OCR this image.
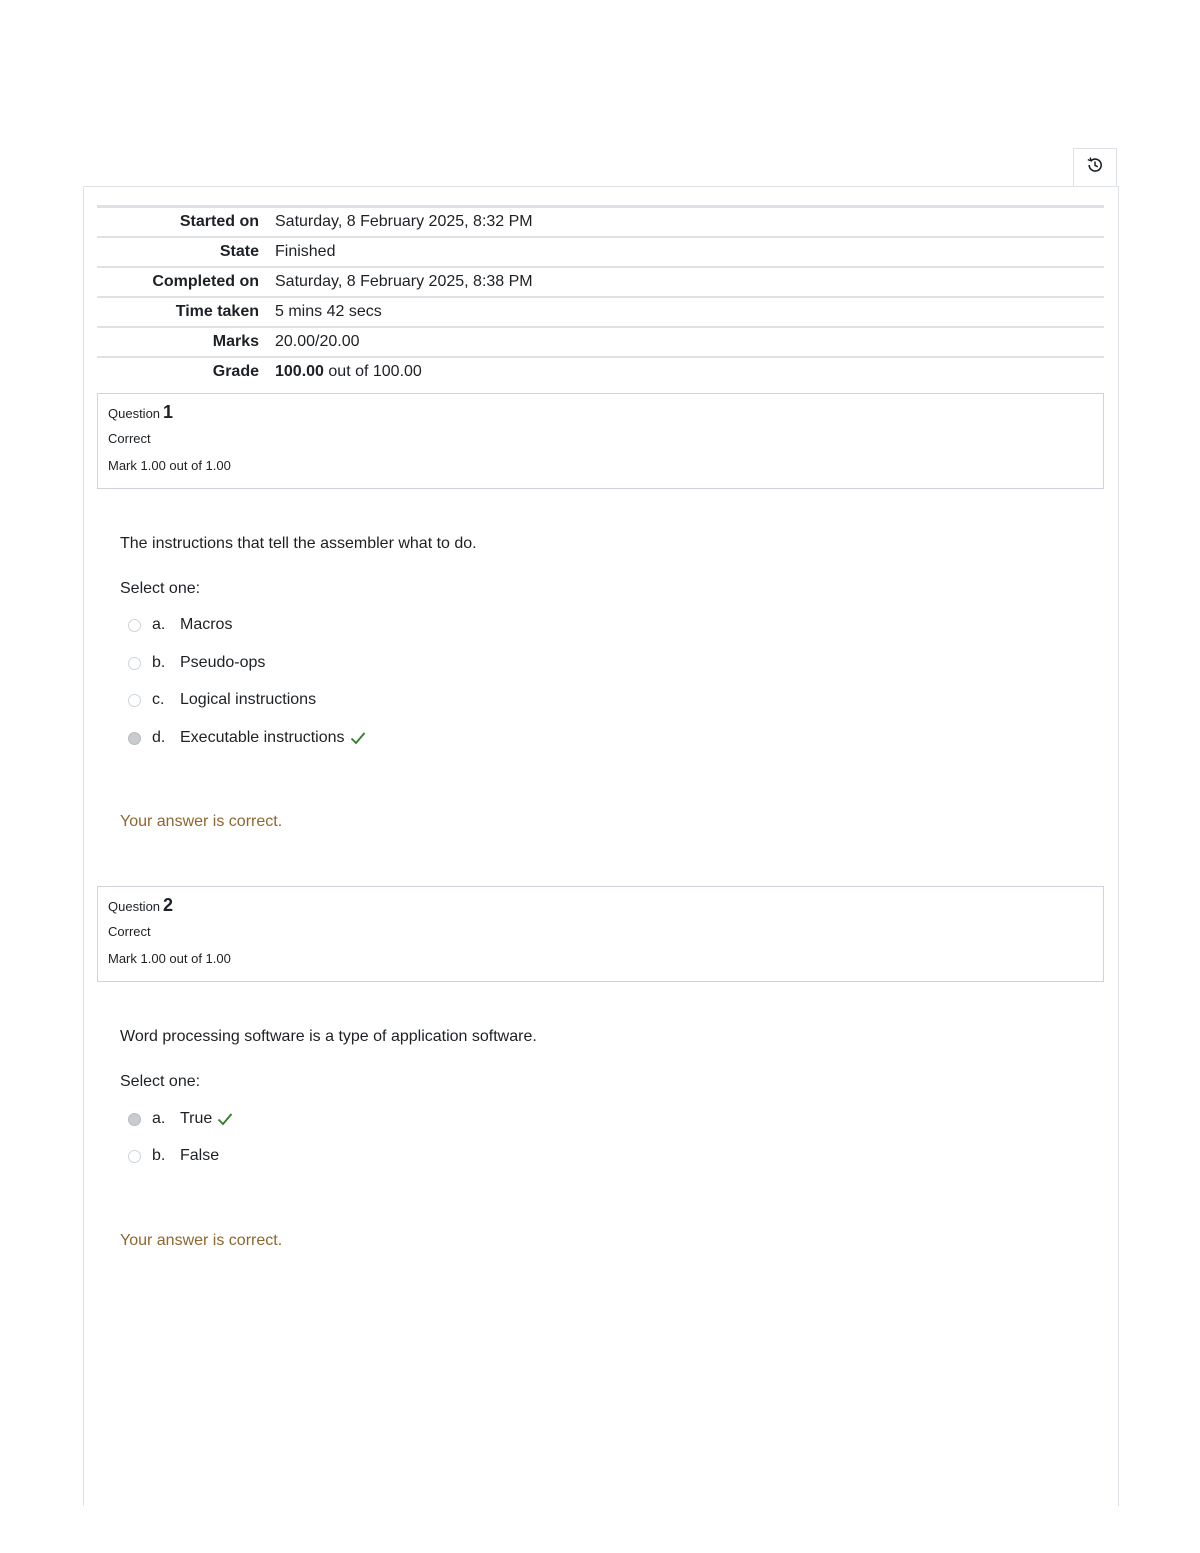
Started on	Saturday, 8 February 2025, 8:32 PM
State	Finished
Completed on	Saturday, 8 February 2025, 8:38 PM
Time taken	5 mins 42 secs
Marks	20.00/20.00
Grade	100.00 out of 100.00
Question 1
Correct
Mark 1.00 out of 1.00
The instructions that tell the assembler what to do.
Select one:
a. Macros
b. Pseudo-ops
c. Logical instructions
d. Executable instructions
Your answer is correct.
Question 2
Correct
Mark 1.00 out of 1.00
Word processing software is a type of application software.
Select one:
a. True
b. False
Your answer is correct.
